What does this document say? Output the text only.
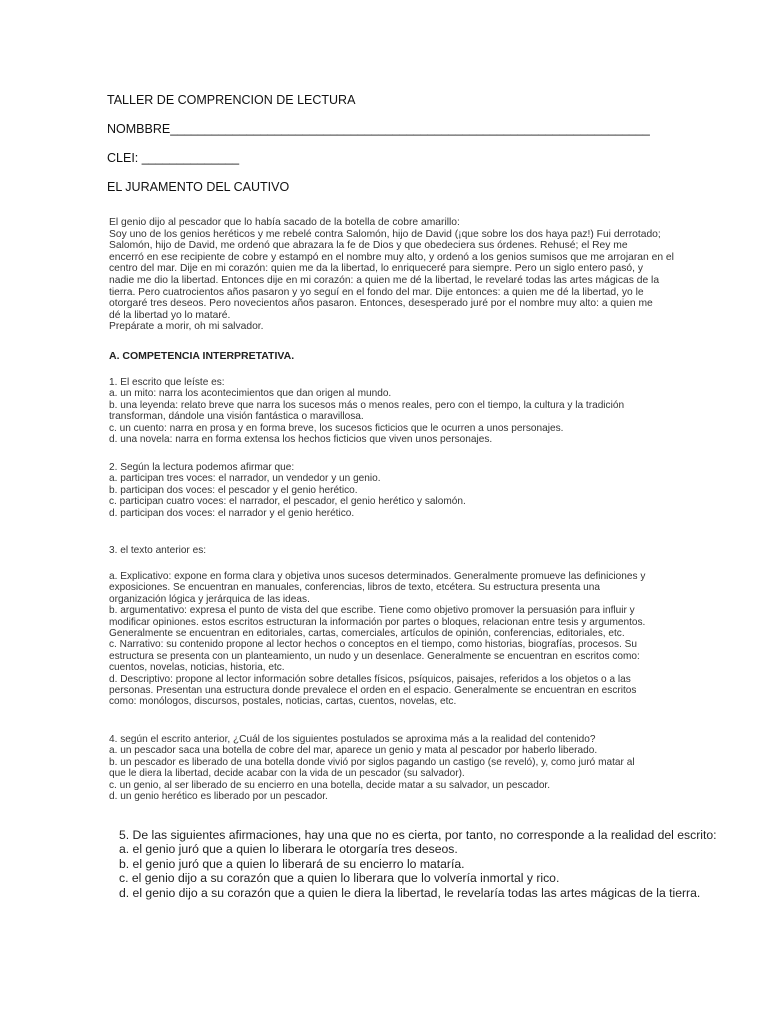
TALLER DE COMPRENCION DE LECTURA
NOMBBRE_____________________________________________________________________
CLEI: ______________
EL JURAMENTO DEL CAUTIVO
El genio dijo al pescador que lo había sacado de la botella de cobre amarillo:
Soy uno de los genios heréticos y me rebelé contra Salomón, hijo de David (¡que sobre los dos haya paz!) Fui derrotado;
Salomón, hijo de David, me ordenó que abrazara la fe de Dios y que obedeciera sus órdenes. Rehusé; el Rey me
encerró en ese recipiente de cobre y estampó en el nombre muy alto, y ordenó a los genios sumisos que me arrojaran en el
centro del mar. Dije en mi corazón: quien me da la libertad, lo enriqueceré para siempre. Pero un siglo entero pasó, y
nadie me dio la libertad. Entonces dije en mi corazón: a quien me dé la libertad, le revelaré todas las artes mágicas de la
tierra. Pero cuatrocientos años pasaron y yo seguí en el fondo del mar. Dije entonces: a quien me dé la libertad, yo le
otorgaré tres deseos. Pero novecientos años pasaron. Entonces, desesperado juré por el nombre muy alto: a quien me
dé la libertad yo lo mataré.
Prepárate a morir, oh mi salvador.
A. COMPETENCIA INTERPRETATIVA.
1. El escrito que leíste es:
a. un mito: narra los acontecimientos que dan origen al mundo.
b. una leyenda: relato breve que narra los sucesos más o menos reales, pero con el tiempo, la cultura y la tradición
transforman, dándole una visión fantástica o maravillosa.
c. un cuento: narra en prosa y en forma breve, los sucesos ficticios que le ocurren a unos personajes.
d. una novela: narra en forma extensa los hechos ficticios que viven unos personajes.
2. Según la lectura podemos afirmar que:
a. participan tres voces: el narrador, un vendedor y un genio.
b. participan dos voces: el pescador y el genio herético.
c. participan cuatro voces: el narrador, el pescador, el genio herético y salomón.
d. participan dos voces: el narrador y el genio herético.
3. el texto anterior es:
a. Explicativo: expone en forma clara y objetiva unos sucesos determinados. Generalmente promueve las definiciones y
exposiciones. Se encuentran en manuales, conferencias, libros de texto, etcétera. Su estructura presenta una
organización lógica y jerárquica de las ideas.
b. argumentativo: expresa el punto de vista del que escribe. Tiene como objetivo promover la persuasión para influir y
modificar opiniones. estos escritos estructuran la información por partes o bloques, relacionan entre tesis y argumentos.
Generalmente se encuentran en editoriales, cartas, comerciales, artículos de opinión, conferencias, editoriales, etc.
c. Narrativo: su contenido propone al lector hechos o conceptos en el tiempo, como historias, biografías, procesos. Su
estructura se presenta con un planteamiento, un nudo y un desenlace. Generalmente se encuentran en escritos como:
cuentos, novelas, noticias, historia, etc.
d. Descriptivo: propone al lector información sobre detalles físicos, psíquicos, paisajes, referidos a los objetos o a las
personas. Presentan una estructura donde prevalece el orden en el espacio. Generalmente se encuentran en escritos
como: monólogos, discursos, postales, noticias, cartas, cuentos, novelas, etc.
4. según el escrito anterior, ¿Cuál de los siguientes postulados se aproxima más a la realidad del contenido?
a. un pescador saca una botella de cobre del mar, aparece un genio y mata al pescador por haberlo liberado.
b. un pescador es liberado de una botella donde vivió por siglos pagando un castigo (se reveló), y, como juró matar al
que le diera la libertad, decide acabar con la vida de un pescador (su salvador).
c. un genio, al ser liberado de su encierro en una botella, decide matar a su salvador, un pescador.
d. un genio herético es liberado por un pescador.
5. De las siguientes afirmaciones, hay una que no es cierta, por tanto, no corresponde a la realidad del escrito:
a. el genio juró que a quien lo liberara le otorgaría tres deseos.
b. el genio juró que a quien lo liberará de su encierro lo mataría.
c. el genio dijo a su corazón que a quien lo liberara que lo volvería inmortal y rico.
d. el genio dijo a su corazón que a quien le diera la libertad, le revelaría todas las artes mágicas de la tierra.
